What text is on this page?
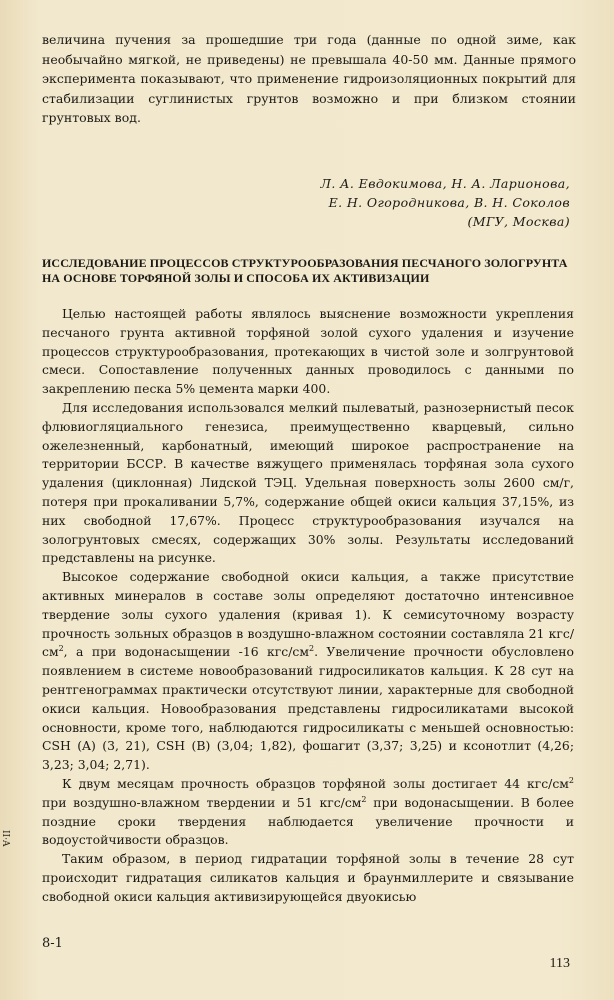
величина пучения за прошедшие три года (данные по одной зиме, как необычайно мягкой, не приведены) не превышала 40-50 мм. Данные прямого эксперимента показывают, что применение гидроизоляционных покрытий для стабилизации суглинистых грунтов возможно и при близком стоянии грунтовых вод.

Л. А. Евдокимова, Н. А. Ларионова,
Е. Н. Огородникова, В. Н. Соколов
(МГУ, Москва)
ИССЛЕДОВАНИЕ ПРОЦЕССОВ СТРУКТУРООБРАЗОВАНИЯ ПЕСЧАНОГО ЗОЛОГРУНТА НА ОСНОВЕ ТОРФЯНОЙ ЗОЛЫ И СПОСОБА ИХ АКТИВИЗАЦИИ

Целью настоящей работы являлось выяснение возможности укрепления песчаного грунта активной торфяной золой сухого удаления и изучение процессов структурообразования, протекающих в чистой золе и золгрунтовой смеси. Сопоставление полученных данных проводилось с данными по закреплению песка 5% цемента марки 400.

Для исследования использовался мелкий пылеватый, разнозернистый песок флювиогляциального генезиса, преимущественно кварцевый, сильно ожелезненный, карбонатный, имеющий широкое распространение на территории БССР. В качестве вяжущего применялась торфяная зола сухого удаления (циклонная) Лидской ТЭЦ. Удельная поверхность золы 2600 см/г, потеря при прокаливании 5,7%, содержание общей окиси кальция 37,15%, из них свободной 17,67%. Процесс структурообразования изучался на зологрунтовых смесях, содержащих 30% золы. Результаты исследований представлены на рисунке.

Высокое содержание свободной окиси кальция, а также присутствие активных минералов в составе золы определяют достаточно интенсивное твердение золы сухого удаления (кривая 1). К семисуточному возрасту прочность зольных образцов в воздушно-влажном состоянии составляла 21 кгс/$см^2$, а при водонасыщении -16 кгс/$см^2$. Увеличение прочности обусловлено появлением в системе новообразований гидросиликатов кальция. К 28 сут на рентгенограммах практически отсутствуют линии, характерные для свободной окиси кальция. Новообразования представлены гидросиликатами высокой основности, кроме того, наблюдаются гидросиликаты с меньшей основностью: CSH (A) (3, 21), CSH (B) (3,04; 1,82), фошагит (3,37; 3,25) и ксонотлит (4,26; 3,23; 3,04; 2,71).

К двум месяцам прочность образцов торфяной золы достигает 44 кгс/$см^2$ при воздушно-влажном твердении и 51 кгс/$см^2$ при водонасыщении. В более поздние сроки твердения наблюдается увеличение прочности и водоустойчивости образцов.

Таким образом, в период гидратации торфяной золы в течение 28 сут происходит гидратация силикатов кальция и браунмиллерите и связывание свободной окиси кальция активизирующейся двуокисью

II·A
8-1
113
